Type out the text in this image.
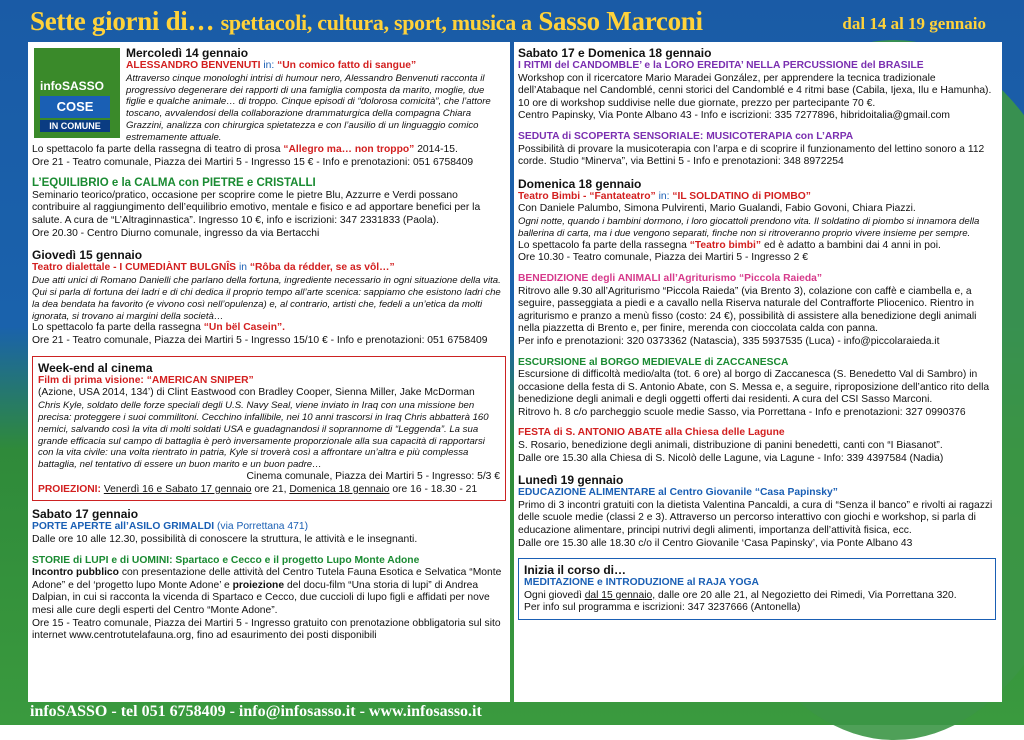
Sette giorni di… spettacoli, cultura, sport, musica a Sasso Marconi	dal 14 al 19 gennaio
infoSASSO
COSE
IN COMUNE
Mercoledì 14 gennaio
ALESSANDRO BENVENUTI in: “Un comico fatto di sangue”
Attraverso cinque monologhi intrisi di humour nero, Alessandro Benvenuti racconta il progressivo degenerare dei rapporti di una famiglia composta da marito, moglie, due figlie e qualche animale… di troppo. Cinque episodi di “dolorosa comicità”, che l’attore toscano, avvalendosi della collaborazione drammaturgica della compagna Chiara Grazzini, analizza con chirurgica spietatezza e con l’ausilio di un linguaggio comico estremamente attuale.
Lo spettacolo fa parte della rassegna di teatro di prosa “Allegro ma… non troppo” 2014-15.
Ore 21 - Teatro comunale, Piazza dei Martiri 5 - Ingresso 15 € - Info e prenotazioni: 051 6758409
L’EQUILIBRIO e la CALMA con PIETRE e CRISTALLI
Seminario teorico/pratico, occasione per scoprire come le pietre Blu, Azzurre e Verdi possano contribuire al raggiungimento dell’equilibrio emotivo, mentale e fisico e ad apportare benefici per la salute. A cura de “L’Altraginnastica”. Ingresso 10 €, info e iscrizioni: 347 2331833 (Paola).
Ore 20.30 - Centro Diurno comunale, ingresso da via Bertacchi
Giovedì 15 gennaio
Teatro dialettale - I CUMEDIÀNT BULGNÎS in “Rôba da rédder, se as vôl…”
Due atti unici di Romano Danielli che parlano della fortuna, ingrediente necessario in ogni situazione della vita. Qui si parla di fortuna dei ladri e di chi dedica il proprio tempo all’arte scenica: sappiamo che esistono ladri che la dea bendata ha favorito (e vivono così nell’opulenza) e, al contrario, artisti che, fedeli a un’etica da molti ignorata, si trovano ai margini della società…
Lo spettacolo fa parte della rassegna “Un bël Casein”.
Ore 21 - Teatro comunale, Piazza dei Martiri 5 - Ingresso 15/10 € - Info e prenotazioni: 051 6758409
Week-end al cinema
Film di prima visione: “AMERICAN SNIPER”
(Azione, USA 2014, 134’) di Clint Eastwood con Bradley Cooper, Sienna Miller, Jake McDorman
Chris Kyle, soldato delle forze speciali degli U.S. Navy Seal, viene inviato in Iraq con una missione ben precisa: proteggere i suoi commilitoni. Cecchino infallibile, nei 10 anni trascorsi in Iraq Chris abbatterà 160 nemici, salvando così la vita di molti soldati USA e guadagnandosi il soprannome di “Leggenda”. La sua grande efficacia sul campo di battaglia è però inversamente proporzionale alla sua capacità di rapportarsi con la vita civile: una volta rientrato in patria, Kyle si troverà così a affrontare un’altra e più complessa battaglia, nel tentativo di essere un buon marito e un buon padre…
Cinema comunale, Piazza dei Martiri 5 - Ingresso: 5/3 €
PROIEZIONI: Venerdì 16 e Sabato 17 gennaio ore 21, Domenica 18 gennaio ore 16 - 18.30 - 21
Sabato 17 gennaio
PORTE APERTE all’ASILO GRIMALDI (via Porrettana 471)
Dalle ore 10 alle 12.30, possibilità di conoscere la struttura, le attività e le insegnanti.
STORIE di LUPI e di UOMINI: Spartaco e Cecco e il progetto Lupo Monte Adone
Incontro pubblico con presentazione delle attività del Centro Tutela Fauna Esotica e Selvatica “Monte Adone” e del ‘progetto lupo Monte Adone’ e proiezione del docu-film “Una storia di lupi” di Andrea Dalpian, in cui si racconta la vicenda di Spartaco e Cecco, due cuccioli di lupo figli e affidati per nove mesi alle cure degli esperti del Centro “Monte Adone”.
Ore 15 - Teatro comunale, Piazza dei Martiri 5 - Ingresso gratuito con prenotazione obbligatoria sul sito internet www.centrotutelafauna.org, fino ad esaurimento dei posti disponibili
Sabato 17 e Domenica 18 gennaio
I RITMI del CANDOMBLE’ e la LORO EREDITA’ NELLA PERCUSSIONE del BRASILE
Workshop con il ricercatore Mario Maradei González, per apprendere la tecnica tradizionale dell’Atabaque nel Candomblé, cenni storici del Candomblé e 4 ritmi base (Cabila, Ijexa, Ilu e Hamunha). 10 ore di workshop suddivise nelle due giornate, prezzo per partecipante 70 €.
Centro Papinsky, Via Ponte Albano 43 - Info e iscrizioni: 335 7277896, hibridoitalia@gmail.com
SEDUTA di SCOPERTA SENSORIALE: MUSICOTERAPIA con L’ARPA
Possibilità di provare la musicoterapia con l’arpa e di scoprire il funzionamento del lettino sonoro a 112 corde. Studio “Minerva”, via Bettini 5 - Info e prenotazioni: 348 8972254
Domenica 18 gennaio
Teatro Bimbi - “Fantateatro” in: “IL SOLDATINO di PIOMBO”
Con Daniele Palumbo, Simona Pulvirenti, Mario Gualandi, Fabio Govoni, Chiara Piazzi.
Ogni notte, quando i bambini dormono, i loro giocattoli prendono vita. Il soldatino di piombo si innamora della ballerina di carta, ma i due vengono separati, finche non si ritroveranno proprio vivere insieme per sempre.
Lo spettacolo fa parte della rassegna “Teatro bimbi” ed è adatto a bambini dai 4 anni in poi.
Ore 10.30 - Teatro comunale, Piazza dei Martiri 5 - Ingresso 2 €
BENEDIZIONE degli ANIMALI all’Agriturismo “Piccola Raieda”
Ritrovo alle 9.30 all’Agriturismo “Piccola Raieda” (via Brento 3), colazione con caffè e ciambella e, a seguire, passeggiata a piedi e a cavallo nella Riserva naturale del Contrafforte Pliocenico. Rientro in agriturismo e pranzo a menù fisso (costo: 24 €), possibilità di assistere alla benedizione degli animali nella piazzetta di Brento e, per finire, merenda con cioccolata calda con panna.
Per info e prenotazioni: 320 0373362 (Natascia), 335 5937535 (Luca) - info@piccolaraieda.it
ESCURSIONE al BORGO MEDIEVALE di ZACCANESCA
Escursione di difficoltà medio/alta (tot. 6 ore) al borgo di Zaccanesca (S. Benedetto Val di Sambro) in occasione della festa di S. Antonio Abate, con S. Messa e, a seguire, riproposizione dell’antico rito della benedizione degli animali e degli oggetti offerti dai residenti. A cura del CSI Sasso Marconi.
Ritrovo h. 8 c/o parcheggio scuole medie Sasso, via Porrettana - Info e prenotazioni: 327 0990376
FESTA di S. ANTONIO ABATE alla Chiesa delle Lagune
S. Rosario, benedizione degli animali, distribuzione di panini benedetti, canti con “I Biasanot”.
Dalle ore 15.30 alla Chiesa di S. Nicolò delle Lagune, via Lagune - Info: 339 4397584 (Nadia)
Lunedì 19 gennaio
EDUCAZIONE ALIMENTARE al Centro Giovanile “Casa Papinsky”
Primo di 3 incontri gratuiti con la dietista Valentina Pancaldi, a cura di “Senza il banco” e rivolti ai ragazzi delle scuole medie (classi 2 e 3). Attraverso un percorso interattivo con giochi e workshop, si parla di educazione alimentare, principi nutrivi degli alimenti, importanza dell’attività fisica, ecc.
Dalle ore 15.30 alle 18.30 c/o il Centro Giovanile ‘Casa Papinsky’, via Ponte Albano 43
Inizia il corso di…
MEDITAZIONE e INTRODUZIONE al RAJA YOGA
Ogni giovedì dal 15 gennaio, dalle ore 20 alle 21, al Negozietto dei Rimedi, Via Porrettana 320.
Per info sul programma e iscrizioni: 347 3237666 (Antonella)
infoSASSO - tel 051 6758409 - info@infosasso.it - www.infosasso.it
